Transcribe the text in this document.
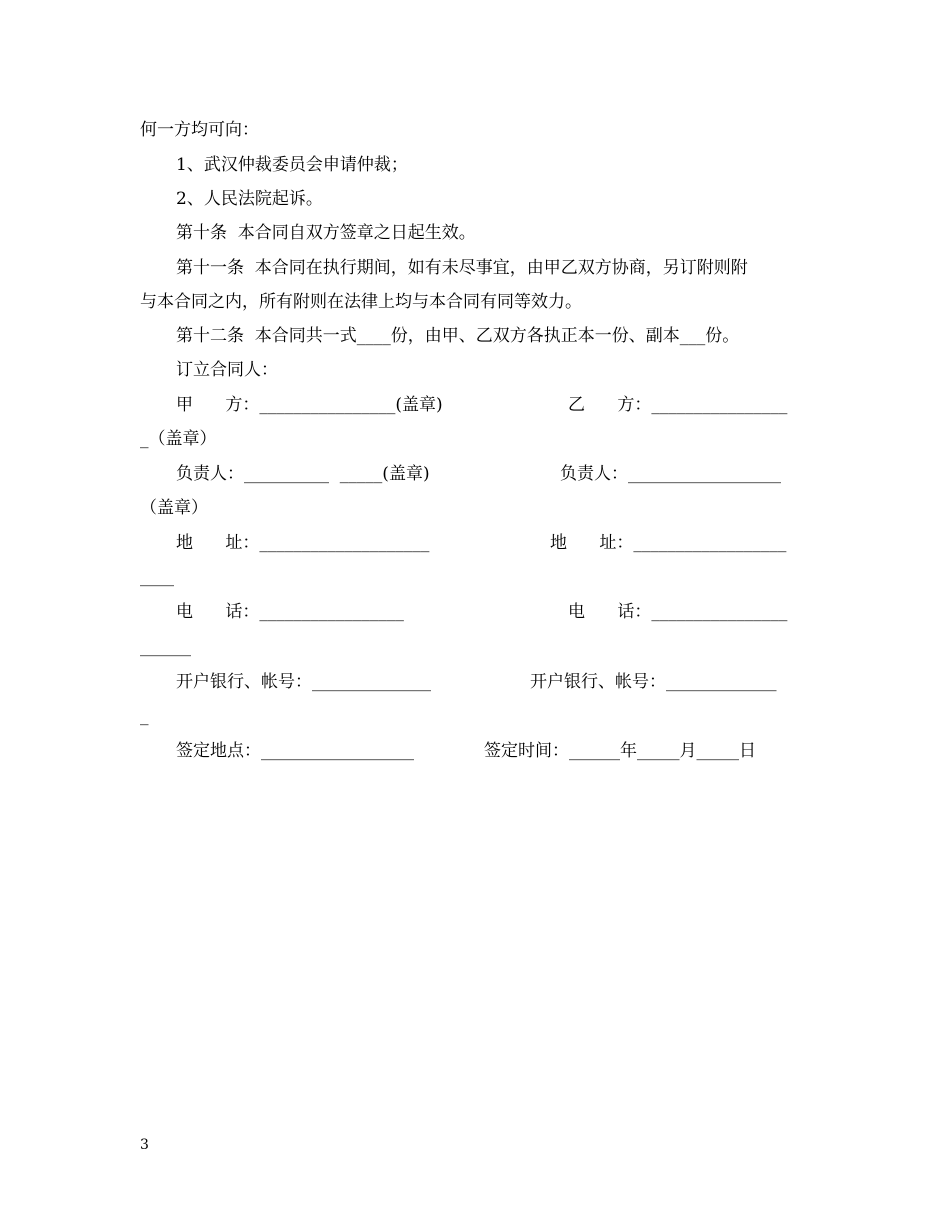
何一方均可向：
1、武汉仲裁委员会申请仲裁；
2、人民法院起诉。
第十条  本合同自双方签章之日起生效。
第十一条  本合同在执行期间，如有未尽事宜，由甲乙双方协商，另订附则附
与本合同之内，所有附则在法律上均与本合同有同等效力。
第十二条  本合同共一式____份，由甲、乙双方各执正本一份、副本___份。
订立合同人：
甲      方：________________(盖章)	乙      方：________________
_（盖章）
负责人：__________  _____(盖章)	负责人：__________________
（盖章）
地      址：____________________	地      址：__________________
____
电      话：_________________	电      话：________________
______
开户银行、帐号：______________	开户银行、帐号：_____________
_
签定地点：__________________	签定时间：______年_____月_____日
3
